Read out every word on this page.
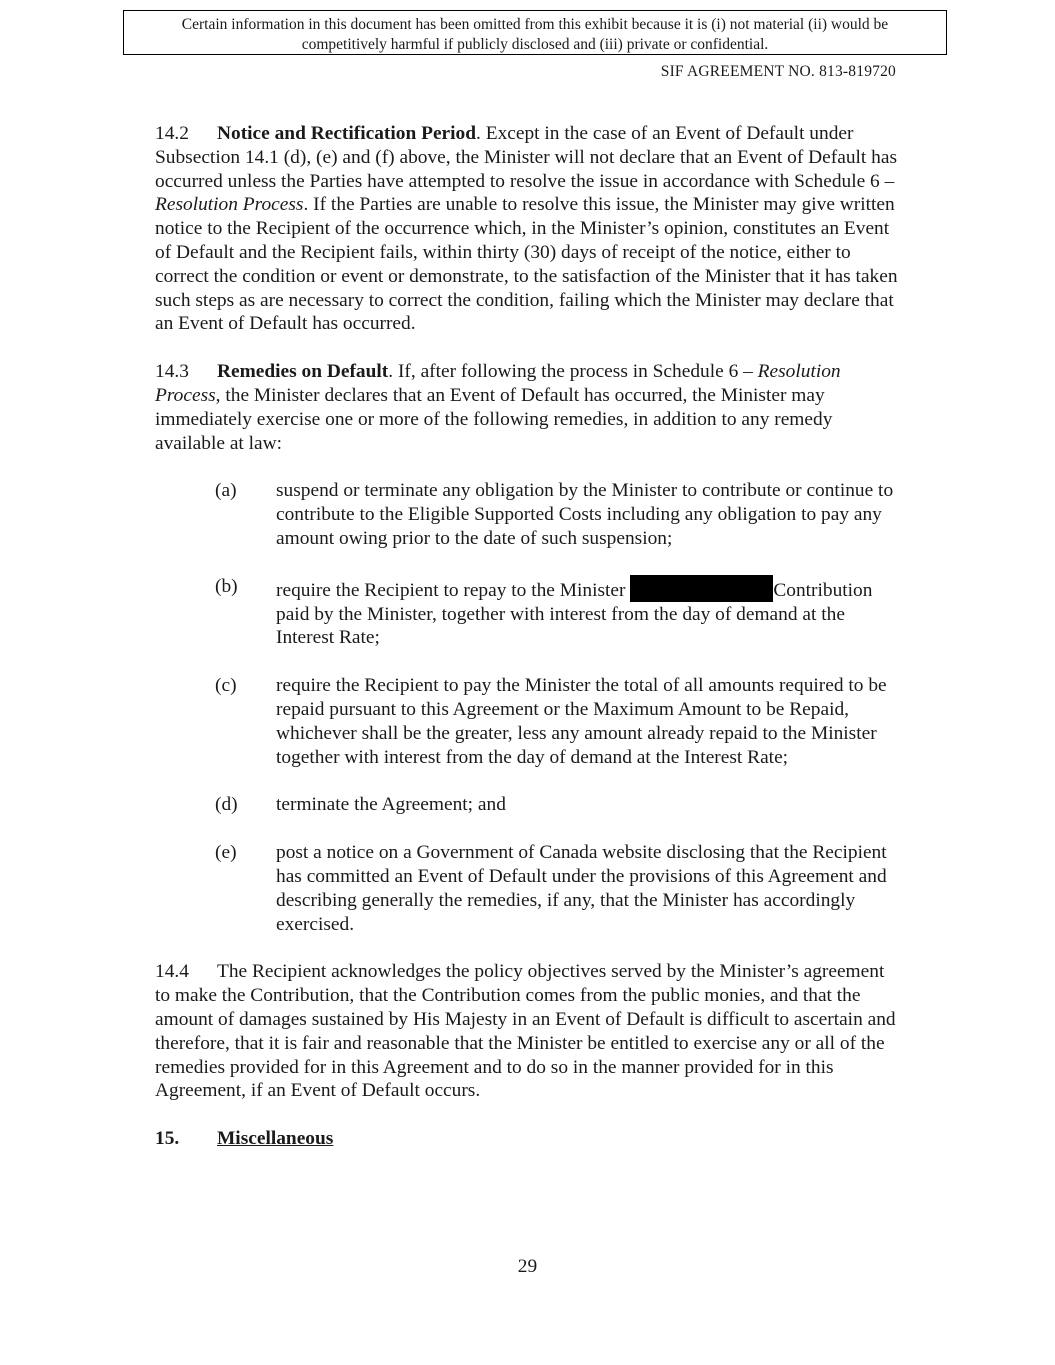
Certain information in this document has been omitted from this exhibit because it is (i) not material (ii) would be
competitively harmful if publicly disclosed and (iii) private or confidential.
SIF AGREEMENT NO. 813-819720

14.2 Notice and Rectification Period. Except in the case of an Event of Default under Subsection 14.1 (d), (e) and (f) above, the Minister will not declare that an Event of Default has occurred unless the Parties have attempted to resolve the issue in accordance with Schedule 6 – Resolution Process. If the Parties are unable to resolve this issue, the Minister may give written notice to the Recipient of the occurrence which, in the Minister’s opinion, constitutes an Event of Default and the Recipient fails, within thirty (30) days of receipt of the notice, either to correct the condition or event or demonstrate, to the satisfaction of the Minister that it has taken such steps as are necessary to correct the condition, failing which the Minister may declare that an Event of Default has occurred.

14.3 Remedies on Default. If, after following the process in Schedule 6 – Resolution Process, the Minister declares that an Event of Default has occurred, the Minister may immediately exercise one or more of the following remedies, in addition to any remedy available at law:

(a)	suspend or terminate any obligation by the Minister to contribute or continue to contribute to the Eligible Supported Costs including any obligation to pay any amount owing prior to the date of such suspension;
(b)	require the Recipient to repay to the Minister	Contribution paid by the Minister, together with interest from the day of demand at the Interest Rate;
(c)	require the Recipient to pay the Minister the total of all amounts required to be repaid pursuant to this Agreement or the Maximum Amount to be Repaid, whichever shall be the greater, less any amount already repaid to the Minister together with interest from the day of demand at the Interest Rate;
(d)	terminate the Agreement; and
(e)	post a notice on a Government of Canada website disclosing that the Recipient has committed an Event of Default under the provisions of this Agreement and describing generally the remedies, if any, that the Minister has accordingly exercised.

14.4 The Recipient acknowledges the policy objectives served by the Minister’s agreement to make the Contribution, that the Contribution comes from the public monies, and that the amount of damages sustained by His Majesty in an Event of Default is difficult to ascertain and therefore, that it is fair and reasonable that the Minister be entitled to exercise any or all of the remedies provided for in this Agreement and to do so in the manner provided for in this Agreement, if an Event of Default occurs.

15. Miscellaneous

29
